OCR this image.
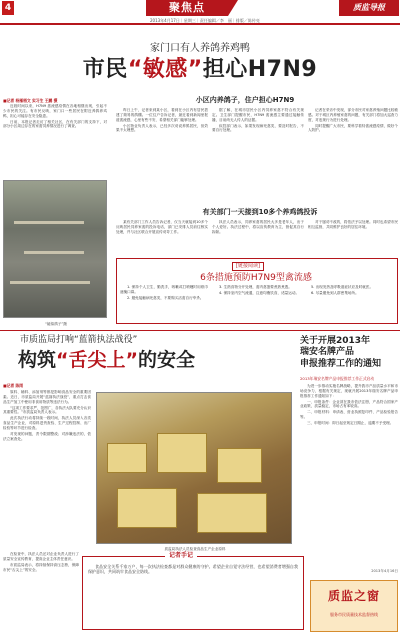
4	聚焦点	质监导报
2013年4月17日｜星期三｜责任编辑／李　丽｜排版／陈传亮
家门口有人养鸽养鸡鸭
市民“敏感”担心H7N9
■记者 杨雁梧文 实习生 王鹏 摄

近段时间以来，H7N9 禽流感疫情在各地相继出现，引起不少市民的关注。有市民反映，家门口一些居民在附近养鸽养鸡鸭，担心可能存在安全隐患。

日前，本报记者走访了相关社区，在有关部门的支持下，对部分小区周边存在的家禽饲养情况进行了调查。

小区内养鸽子，住户担心H7N9

昨日上午，记者来到某小区，看到在小区内有居民搭建了简易的鸽棚。一位住户告诉记者，最近看到新闻里报道禽流感，心里有些不安，希望相关部门能够处理。

小区物业负责人表示，已经多次劝说养鸽居民，但效果不太理想。

据了解，在城市居民小区内饲养家禽不符合有关规定。卫生部门提醒市民，H7N9 禽流感主要通过接触传播，目前尚无人传人的证据。

疾控部门表示，如果发现病死禽类，要及时报告，不要自行处理。

记者在采访中发现，部分市民对家禽养殖问题比较敏感。对于城区内养殖家禽的问题，有关部门将加大巡查力度，对违规行为进行处理。

同时提醒广大市民，要科学看待禽流感疫情，做好个人防护。

有关部门一天接到10多个养鸡鸽投诉

某有关部门工作人员告诉记者，仅当天就接到10多个反映居民饲养家禽的投诉电话，部门已安排人员前往核实处理，并与社区联合开展宣传劝导工作。

执法人员表示，饲养家禽的居民大多是老年人，出于个人爱好。执法过程中，将以宣传教育为主，督促其自行拆除。

对于屡劝不改的，将依法予以处理。同时也希望市民相互监督，共同维护良好的居住环境。

“疑似鸽子”摄
[链接阅读]
6条措施预防H7N9型禽流感

1. 保持个人卫生，勤洗手，咳嗽或打喷嚏时用纸巾遮掩口鼻。

2. 避免接触病死禽类，不要购买活禽自行宰杀。

3. 生熟食物分开处理，禽肉禽蛋要煮熟煮透。

4. 保持室内空气流通，注意均衡饮食，适量运动。

5. 出现发热及呼吸道症状应及时就医。

6. 尽量避免到人群密集场所。

市质监局打响“蓝箭执法战役”
构筑“舌尖上”的安全
■记者 陈雨

原料、辅料、添加剂等都是影响食品安全的重要因素。近日，市质监局开展“蓝箭执法战役”，重点打击食品生产加工中使用非食用物质等违法行为。

“这项工作要求严，范围广，各执法大队要充分认识其重要性。”市质监局负责人表示。

此次执法行动将持续一段时间，执法人员深入各类食品生产企业，对原料进货查验、生产过程控制、出厂检验等环节进行检查。

对发现的问题，责令限期整改；对涉嫌违法的，依法立案查处。

质监局执法人员检查食品生产企业原料

在检查中，执法人员还对企业负责人进行了质量安全宣传教育，提高企业主体责任意识。

市质监局表示，将持续保持高压态势，保障市民“舌尖上”的安全。

记者手记

食品安全关系千家万户，每一次执法检查都是对群众健康的守护。希望企业自觉守法经营，也希望消费者增强自我保护意识，共同筑牢食品安全防线。

关于开展2013年
瑞安名牌产品
申报推荐工作的通知
2013年瑞安名牌产品申报推荐工作正式启动

为进一步推动实施名牌战略，提升我市产品质量水平和市场竞争力，根据有关规定，现就开展2013年瑞安名牌产品申报推荐工作通知如下：

一、申报条件：企业须在我市依法注册，产品符合国家产业政策，质量稳定，市场占有率较高。

二、申报材料：申请表、营业执照复印件、产品检验报告等。

三、申报时间：即日起至规定日期止，逾期不予受理。

2013年4月16日
质监之窗
服务市民质量技术监督热线
